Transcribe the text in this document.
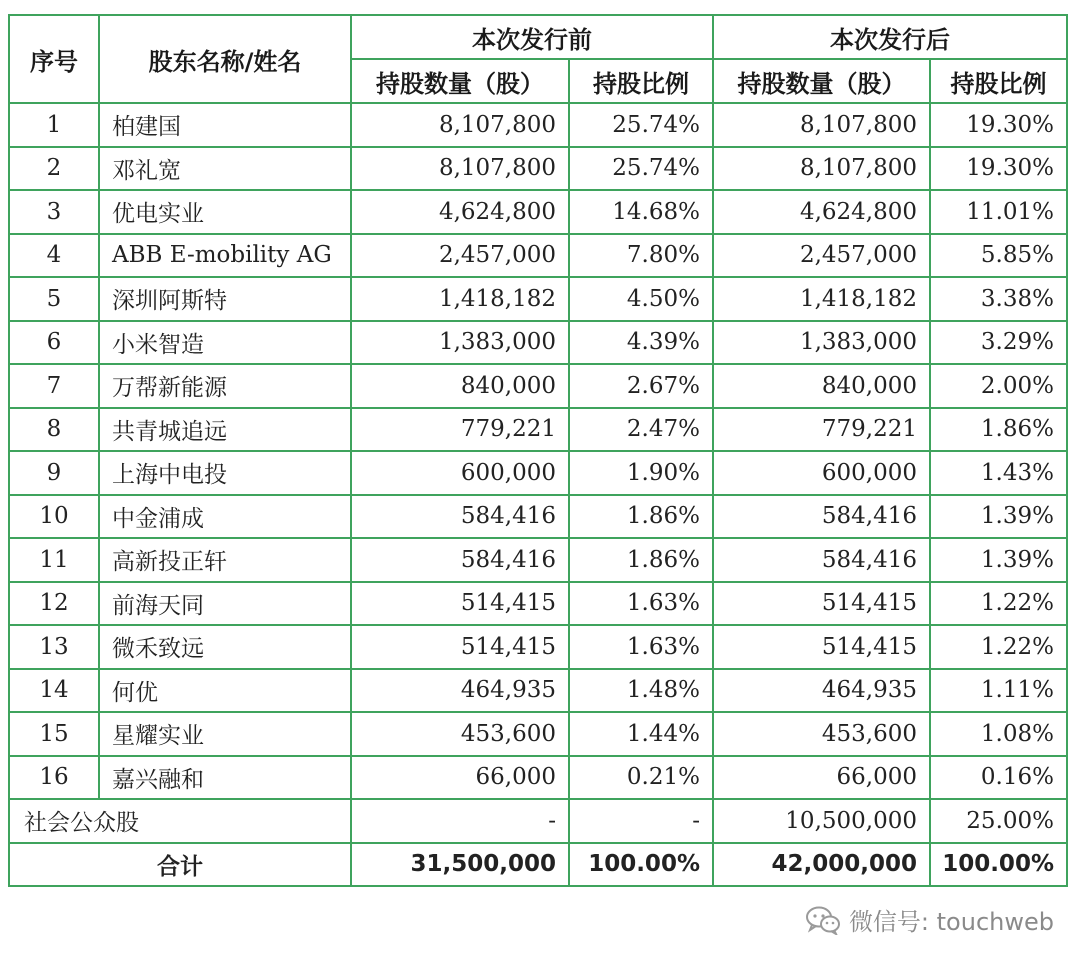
序号	股东名称/姓名	本次发行前		本次发行后	
		持股数量（股）	持股比例	持股数量（股）	持股比例
1	柏建国	8,107,800	25.74%	8,107,800	19.30%
2	邓礼宽	8,107,800	25.74%	8,107,800	19.30%
3	优电实业	4,624,800	14.68%	4,624,800	11.01%
4	ABB E-mobility AG	2,457,000	7.80%	2,457,000	5.85%
5	深圳阿斯特	1,418,182	4.50%	1,418,182	3.38%
6	小米智造	1,383,000	4.39%	1,383,000	3.29%
7	万帮新能源	840,000	2.67%	840,000	2.00%
8	共青城追远	779,221	2.47%	779,221	1.86%
9	上海中电投	600,000	1.90%	600,000	1.43%
10	中金浦成	584,416	1.86%	584,416	1.39%
11	高新投正轩	584,416	1.86%	584,416	1.39%
12	前海天同	514,415	1.63%	514,415	1.22%
13	微禾致远	514,415	1.63%	514,415	1.22%
14	何优	464,935	1.48%	464,935	1.11%
15	星耀实业	453,600	1.44%	453,600	1.08%
16	嘉兴融和	66,000	0.21%	66,000	0.16%
社会公众股		-	-	10,500,000	25.00%
合计		31,500,000	100.00%	42,000,000	100.00%
微信号: touchweb
